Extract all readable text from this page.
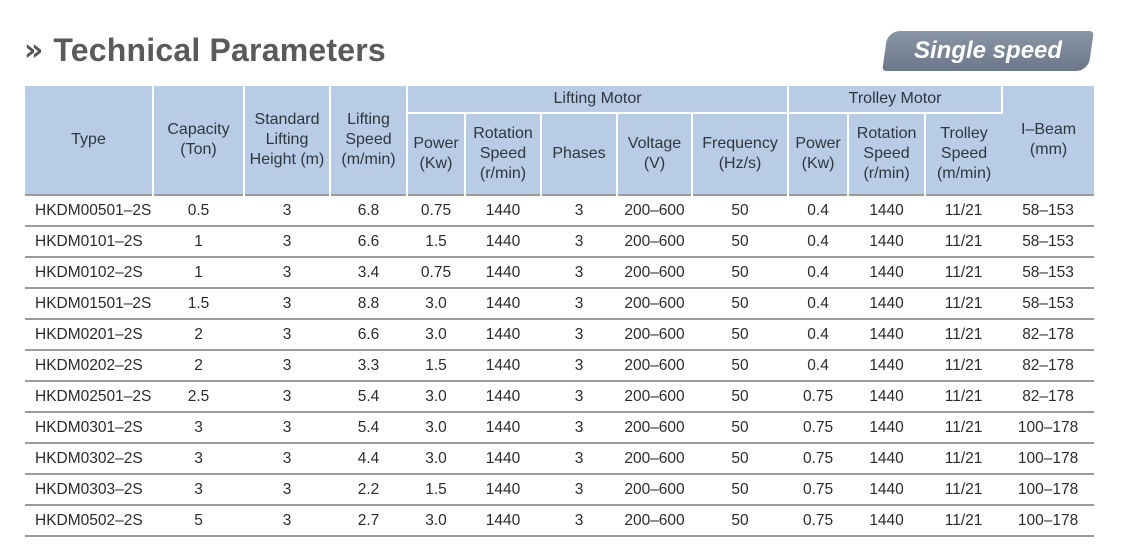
» Technical Parameters	Single speed
Type	Capacity (Ton)	Standard Lifting Height (m)	Lifting Speed (m/min)	Lifting Motor					Trolley Motor			I–Beam (mm)
				Power (Kw)	Rotation Speed (r/min)	Phases	Voltage (V)	Frequency (Hz/s)	Power (Kw)	Rotation Speed (r/min)	Trolley Speed (m/min)	
HKDM00501–2S	0.5	3	6.8	0.75	1440	3	200–600	50	0.4	1440	11/21	58–153
HKDM0101–2S	1	3	6.6	1.5	1440	3	200–600	50	0.4	1440	11/21	58–153
HKDM0102–2S	1	3	3.4	0.75	1440	3	200–600	50	0.4	1440	11/21	58–153
HKDM01501–2S	1.5	3	8.8	3.0	1440	3	200–600	50	0.4	1440	11/21	58–153
HKDM0201–2S	2	3	6.6	3.0	1440	3	200–600	50	0.4	1440	11/21	82–178
HKDM0202–2S	2	3	3.3	1.5	1440	3	200–600	50	0.4	1440	11/21	82–178
HKDM02501–2S	2.5	3	5.4	3.0	1440	3	200–600	50	0.75	1440	11/21	82–178
HKDM0301–2S	3	3	5.4	3.0	1440	3	200–600	50	0.75	1440	11/21	100–178
HKDM0302–2S	3	3	4.4	3.0	1440	3	200–600	50	0.75	1440	11/21	100–178
HKDM0303–2S	3	3	2.2	1.5	1440	3	200–600	50	0.75	1440	11/21	100–178
HKDM0502–2S	5	3	2.7	3.0	1440	3	200–600	50	0.75	1440	11/21	100–178
